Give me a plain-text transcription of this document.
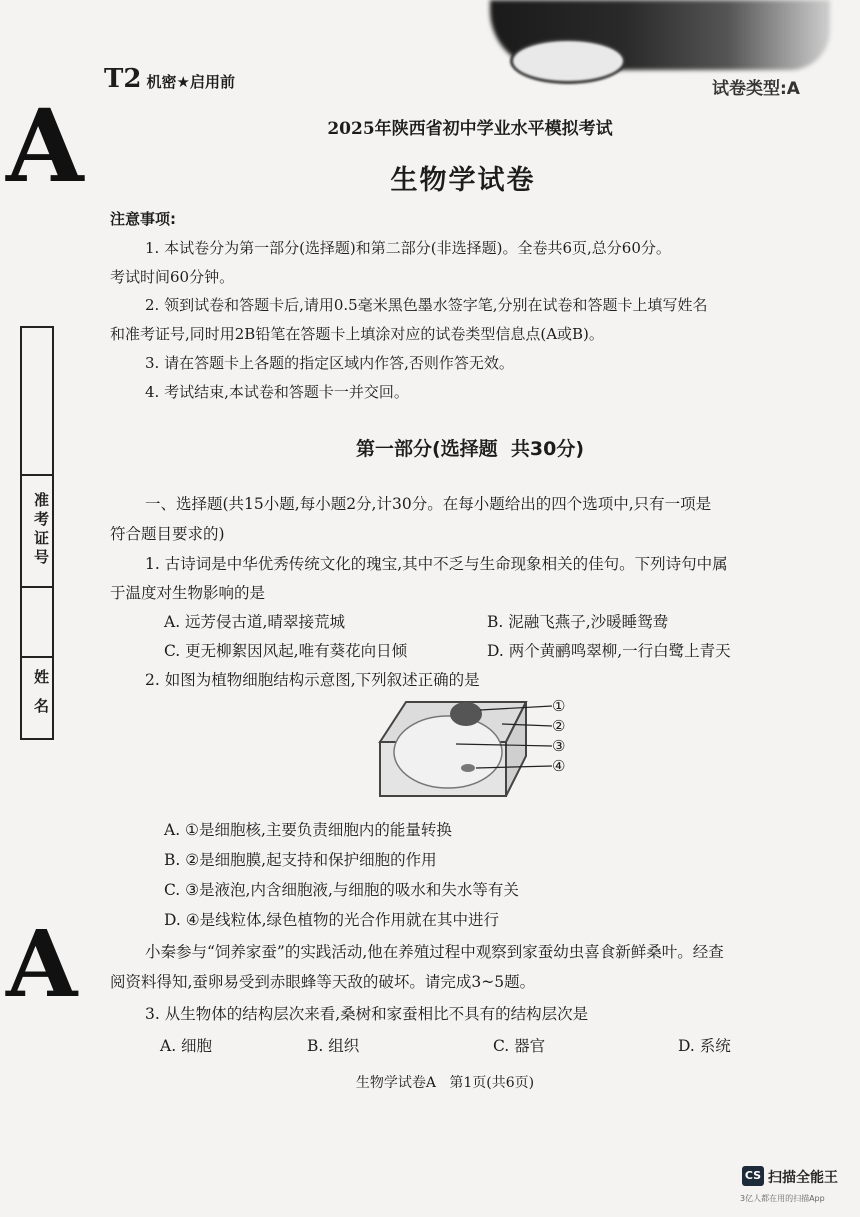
T2 机密★启用前	试卷类型:A
A
A
2025年陕西省初中学业水平模拟考试
生物学试卷
注意事项:
1. 本试卷分为第一部分(选择题)和第二部分(非选择题)。全卷共6页,总分60分。
考试时间60分钟。
2. 领到试卷和答题卡后,请用0.5毫米黑色墨水签字笔,分别在试卷和答题卡上填写姓名
和准考证号,同时用2B铅笔在答题卡上填涂对应的试卷类型信息点(A或B)。
3. 请在答题卡上各题的指定区域内作答,否则作答无效。
4. 考试结束,本试卷和答题卡一并交回。
准考证号
姓名
第一部分(选择题  共30分)
一、选择题(共15小题,每小题2分,计30分。在每小题给出的四个选项中,只有一项是
符合题目要求的)
1. 古诗词是中华优秀传统文化的瑰宝,其中不乏与生命现象相关的佳句。下列诗句中属
于温度对生物影响的是
A. 远芳侵古道,晴翠接荒城	B. 泥融飞燕子,沙暖睡鸳鸯
C. 更无柳絮因风起,唯有葵花向日倾	D. 两个黄鹂鸣翠柳,一行白鹭上青天
2. 如图为植物细胞结构示意图,下列叙述正确的是
①
②
③
④
A. ①是细胞核,主要负责细胞内的能量转换
B. ②是细胞膜,起支持和保护细胞的作用
C. ③是液泡,内含细胞液,与细胞的吸水和失水等有关
D. ④是线粒体,绿色植物的光合作用就在其中进行
小秦参与“饲养家蚕”的实践活动,他在养殖过程中观察到家蚕幼虫喜食新鲜桑叶。经查
阅资料得知,蚕卵易受到赤眼蜂等天敌的破坏。请完成3~5题。
3. 从生物体的结构层次来看,桑树和家蚕相比不具有的结构层次是
A. 细胞	B. 组织	C. 器官	D. 系统
生物学试卷A   第1页(共6页)
CS 扫描全能王
3亿人都在用的扫描App
